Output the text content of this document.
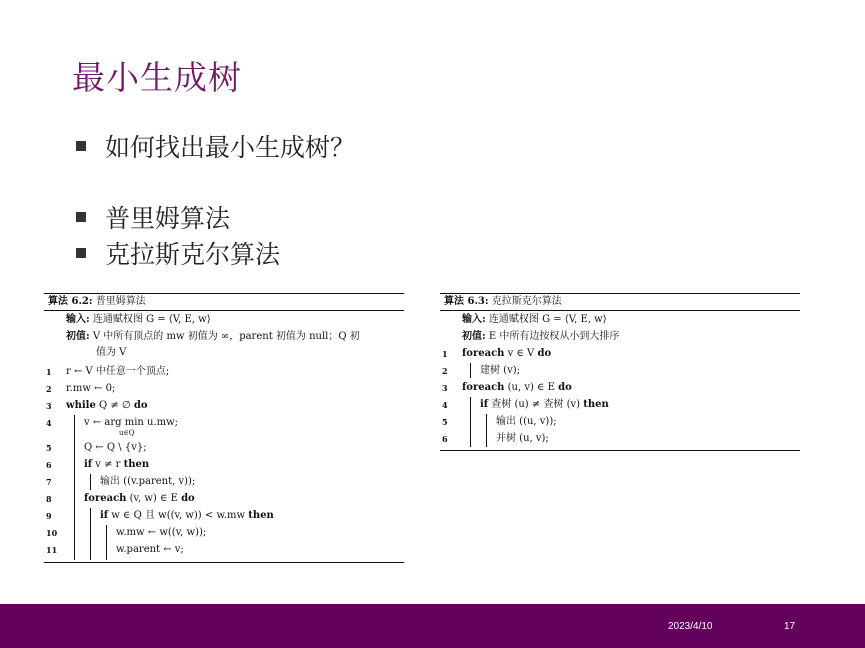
最小生成树
如何找出最小生成树？
普里姆算法
克拉斯克尔算法
算法 6.2: 普里姆算法
输入: 连通赋权图 G = ⟨V, E, w⟩
初值: V 中所有顶点的 mw 初值为 ∞，parent 初值为 null；Q 初
值为 V
1 r ← V 中任意一个顶点;
2 r.mw ← 0;
3 while Q ≠ ∅ do
4	v ← arg min u.mw;
u∈Q
5	Q ← Q \ {v};
6	if v ≠ r then
7	输出 ((v.parent, v));
8	foreach (v, w) ∈ E do
9	if w ∈ Q 且 w((v, w)) < w.mw then
10	w.mw ← w((v, w));
11	w.parent ← v;
算法 6.3: 克拉斯克尔算法
输入: 连通赋权图 G = ⟨V, E, w⟩
初值: E 中所有边按权从小到大排序
1 foreach v ∈ V do
2	建树 (v);
3 foreach (u, v) ∈ E do
4	if 查树 (u) ≠ 查树 (v) then
5	输出 ((u, v));
6	并树 (u, v);
2023/4/10	17
